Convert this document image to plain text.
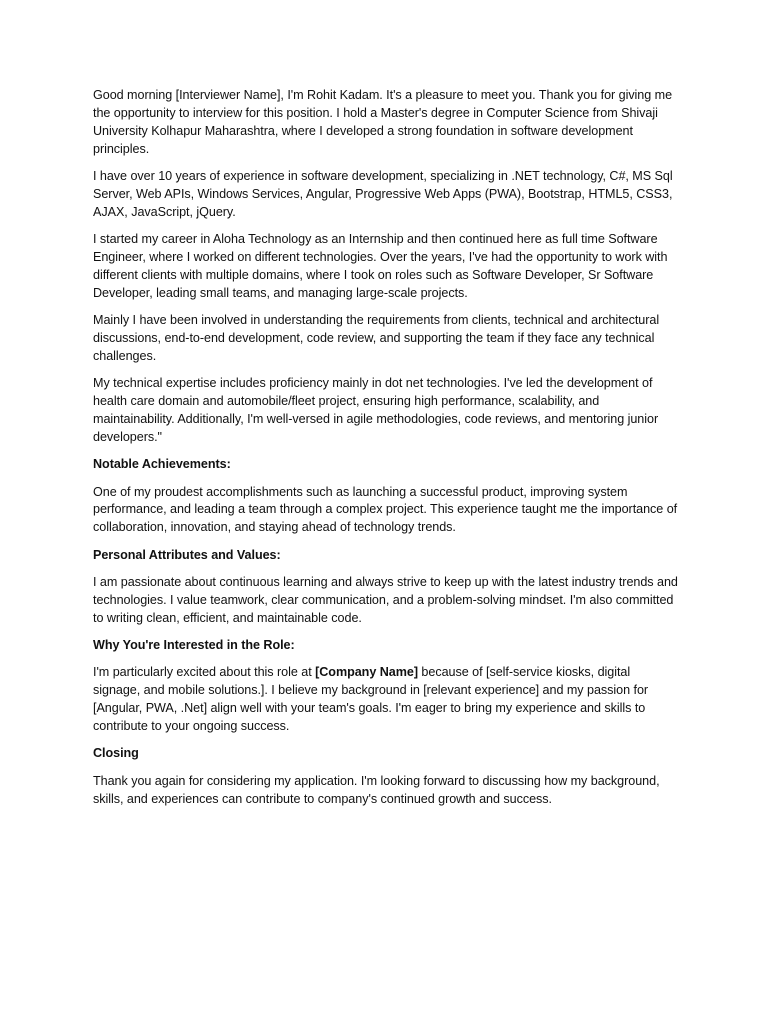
Good morning [Interviewer Name], I'm Rohit Kadam. It's a pleasure to meet you. Thank you for giving me the opportunity to interview for this position. I hold a Master's degree in Computer Science from Shivaji University Kolhapur Maharashtra, where I developed a strong foundation in software development principles.

I have over 10 years of experience in software development, specializing in .NET technology, C#, MS Sql Server, Web APIs, Windows Services, Angular, Progressive Web Apps (PWA), Bootstrap, HTML5, CSS3, AJAX, JavaScript, jQuery.

I started my career in Aloha Technology as an Internship and then continued here as full time Software Engineer, where I worked on different technologies. Over the years, I've had the opportunity to work with different clients with multiple domains, where I took on roles such as Software Developer, Sr Software Developer, leading small teams, and managing large-scale projects.

Mainly I have been involved in understanding the requirements from clients, technical and architectural discussions, end-to-end development, code review, and supporting the team if they face any technical challenges.

My technical expertise includes proficiency mainly in dot net technologies. I've led the development of health care domain and automobile/fleet project, ensuring high performance, scalability, and maintainability. Additionally, I'm well-versed in agile methodologies, code reviews, and mentoring junior developers."

Notable Achievements:

One of my proudest accomplishments such as launching a successful product, improving system performance, and leading a team through a complex project. This experience taught me the importance of collaboration, innovation, and staying ahead of technology trends.

Personal Attributes and Values:

I am passionate about continuous learning and always strive to keep up with the latest industry trends and technologies. I value teamwork, clear communication, and a problem-solving mindset. I'm also committed to writing clean, efficient, and maintainable code.

Why You're Interested in the Role:

I'm particularly excited about this role at [Company Name] because of [self-service kiosks, digital signage, and mobile solutions.]. I believe my background in [relevant experience] and my passion for [Angular, PWA, .Net] align well with your team's goals. I'm eager to bring my experience and skills to contribute to your ongoing success.

Closing

Thank you again for considering my application. I'm looking forward to discussing how my background, skills, and experiences can contribute to company's continued growth and success.
